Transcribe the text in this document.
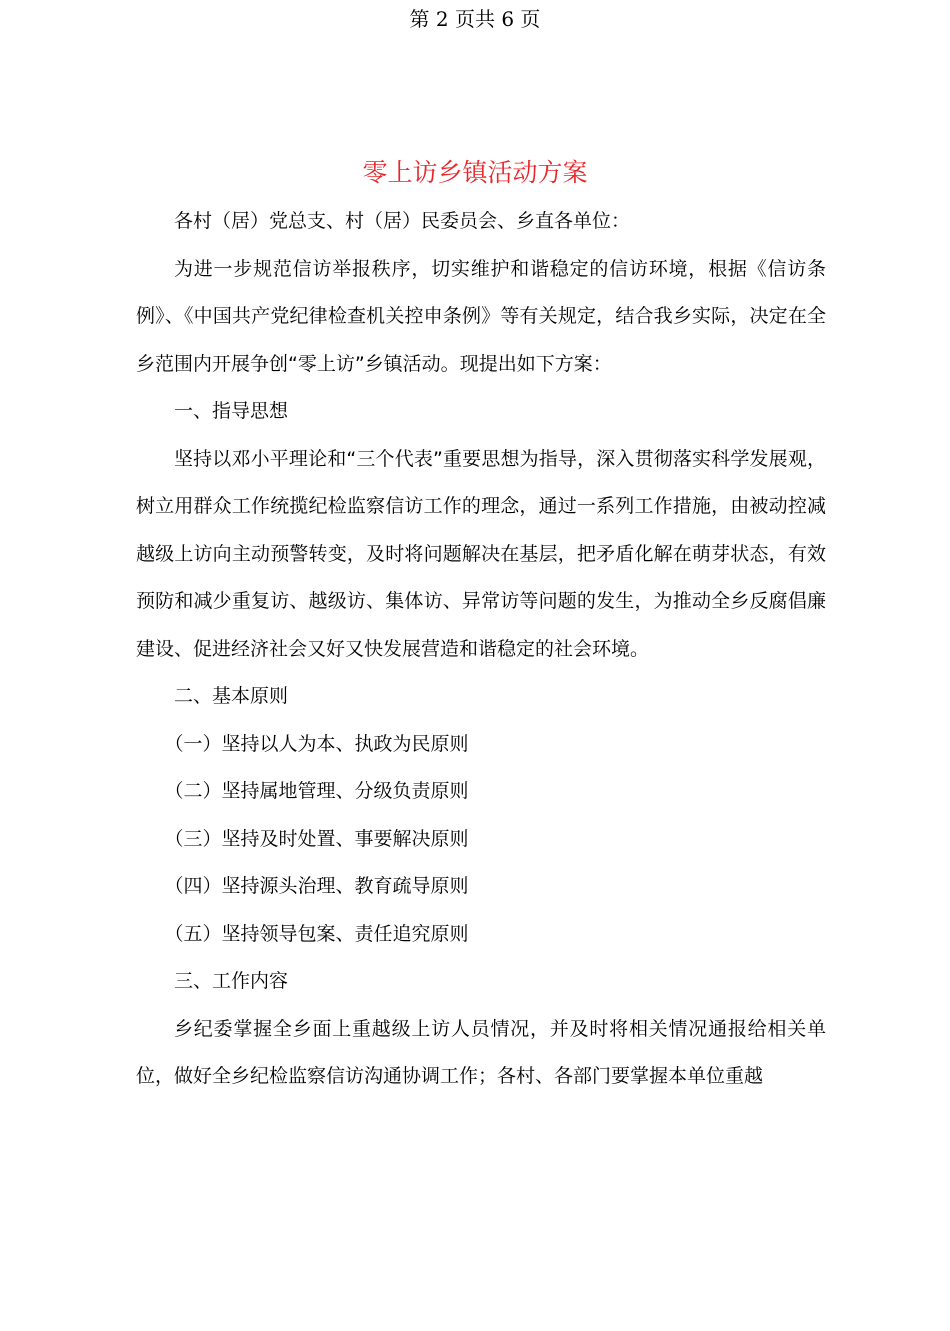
第 2 页共 6 页
零上访乡镇活动方案

各村（居）党总支、村（居）民委员会、乡直各单位：

为进一步规范信访举报秩序，切实维护和谐稳定的信访环境，根据《信访条例》、《中国共产党纪律检查机关控申条例》等有关规定，结合我乡实际，决定在全乡范围内开展争创“零上访”乡镇活动。现提出如下方案：

一、指导思想

坚持以邓小平理论和“三个代表”重要思想为指导，深入贯彻落实科学发展观，树立用群众工作统揽纪检监察信访工作的理念，通过一系列工作措施，由被动控减越级上访向主动预警转变，及时将问题解决在基层，把矛盾化解在萌芽状态，有效预防和减少重复访、越级访、集体访、异常访等问题的发生，为推动全乡反腐倡廉建设、促进经济社会又好又快发展营造和谐稳定的社会环境。

二、基本原则

（一）坚持以人为本、执政为民原则

（二）坚持属地管理、分级负责原则

（三）坚持及时处置、事要解决原则

（四）坚持源头治理、教育疏导原则

（五）坚持领导包案、责任追究原则

三、工作内容

乡纪委掌握全乡面上重越级上访人员情况，并及时将相关情况通报给相关单位，做好全乡纪检监察信访沟通协调工作；各村、各部门要掌握本单位重越
